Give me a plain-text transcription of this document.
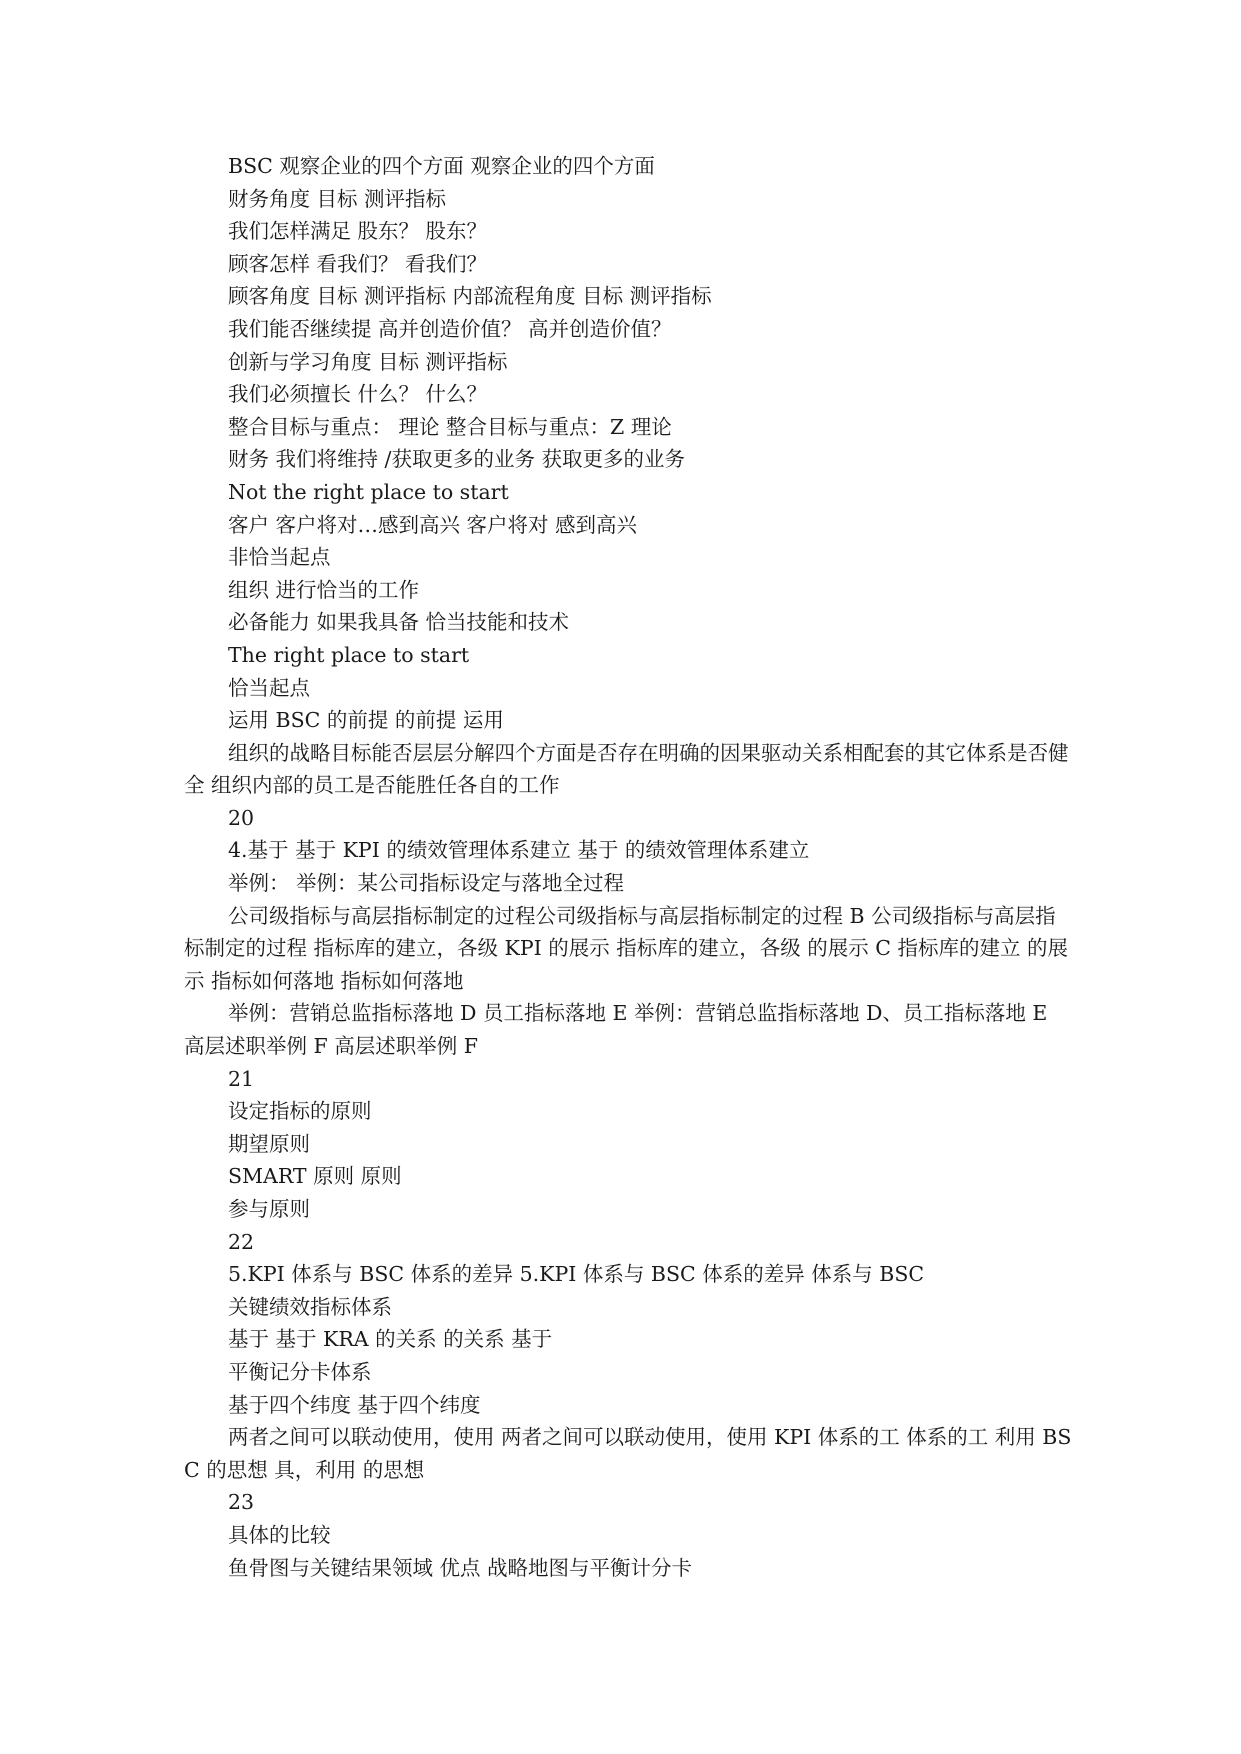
BSC 观察企业的四个方面 观察企业的四个方面

财务角度 目标 测评指标

我们怎样满足 股东？ 股东？

顾客怎样 看我们？ 看我们？

顾客角度 目标 测评指标 内部流程角度 目标 测评指标

我们能否继续提 高并创造价值？ 高并创造价值？

创新与学习角度 目标 测评指标

我们必须擅长 什么？ 什么？

整合目标与重点： 理论 整合目标与重点：Z 理论

财务 我们将维持 /获取更多的业务 获取更多的业务

Not the right place to start

客户 客户将对…感到高兴 客户将对 感到高兴

非恰当起点

组织 进行恰当的工作

必备能力 如果我具备 恰当技能和技术

The right place to start

恰当起点

运用 BSC 的前提 的前提 运用

组织的战略目标能否层层分解四个方面是否存在明确的因果驱动关系相配套的其它体系是否健全 组织内部的员工是否能胜任各自的工作

20

4.基于 基于 KPI 的绩效管理体系建立 基于 的绩效管理体系建立

举例： 举例：某公司指标设定与落地全过程

公司级指标与高层指标制定的过程公司级指标与高层指标制定的过程 B 公司级指标与高层指标制定的过程 指标库的建立，各级 KPI 的展示 指标库的建立，各级 的展示 C 指标库的建立 的展示 指标如何落地 指标如何落地

举例：营销总监指标落地 D 员工指标落地 E 举例：营销总监指标落地 D、员工指标落地 E 高层述职举例 F 高层述职举例 F

21

设定指标的原则

期望原则

SMART 原则 原则

参与原则

22

5.KPI 体系与 BSC 体系的差异 5.KPI 体系与 BSC 体系的差异 体系与 BSC

关键绩效指标体系

基于 基于 KRA 的关系 的关系 基于

平衡记分卡体系

基于四个纬度 基于四个纬度

两者之间可以联动使用，使用 两者之间可以联动使用，使用 KPI 体系的工 体系的工 利用 BSC 的思想 具，利用 的思想

23

具体的比较

鱼骨图与关键结果领域 优点 战略地图与平衡计分卡
